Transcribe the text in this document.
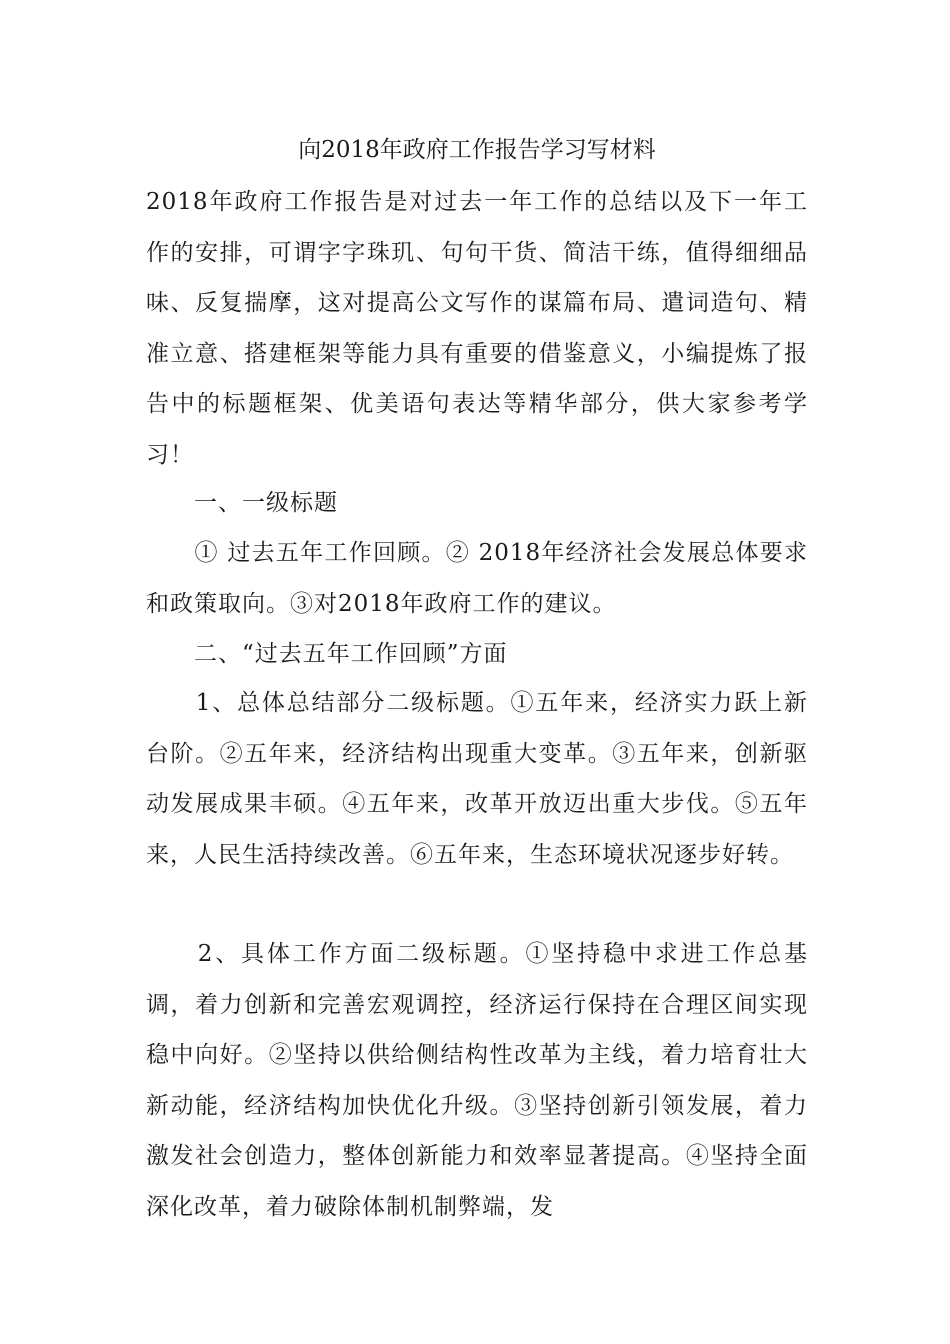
向2018年政府工作报告学习写材料

2018年政府工作报告是对过去一年工作的总结以及下一年工作的安排，可谓字字珠玑、句句干货、简洁干练，值得细细品味、反复揣摩，这对提高公文写作的谋篇布局、遣词造句、精准立意、搭建框架等能力具有重要的借鉴意义，小编提炼了报告中的标题框架、优美语句表达等精华部分，供大家参考学习！

　　一、一级标题

　　① 过去五年工作回顾。② 2018年经济社会发展总体要求和政策取向。③对2018年政府工作的建议。

　　二、“过去五年工作回顾”方面

　　1、总体总结部分二级标题。①五年来，经济实力跃上新台阶。②五年来，经济结构出现重大变革。③五年来，创新驱动发展成果丰硕。④五年来，改革开放迈出重大步伐。⑤五年来，人民生活持续改善。⑥五年来，生态环境状况逐步好转。

　　2、具体工作方面二级标题。①坚持稳中求进工作总基调，着力创新和完善宏观调控，经济运行保持在合理区间实现稳中向好。②坚持以供给侧结构性改革为主线，着力培育壮大新动能，经济结构加快优化升级。③坚持创新引领发展，着力激发社会创造力，整体创新能力和效率显著提高。④坚持全面深化改革，着力破除体制机制弊端，发
